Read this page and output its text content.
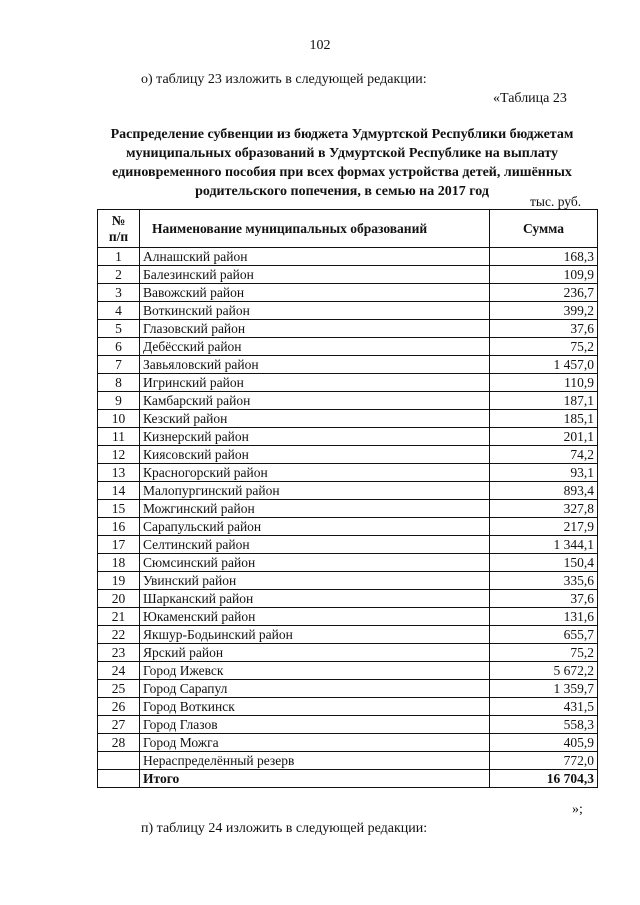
102
о) таблицу 23 изложить в следующей редакции:
«Таблица 23
Распределение субвенции из бюджета Удмуртской Республики бюджетам муниципальных образований в Удмуртской Республике на выплату единовременного пособия при всех формах устройства детей, лишённых родительского попечения, в семью на 2017 год
тыс. руб.
№
п/п	Наименование муниципальных образований	Сумма
1	Алнашский район	168,3
2	Балезинский район	109,9
3	Вавожский район	236,7
4	Воткинский район	399,2
5	Глазовский район	37,6
6	Дебёсский район	75,2
7	Завьяловский район	1 457,0
8	Игринский район	110,9
9	Камбарский район	187,1
10	Кезский район	185,1
11	Кизнерский район	201,1
12	Киясовский район	74,2
13	Красногорский район	93,1
14	Малопургинский район	893,4
15	Можгинский район	327,8
16	Сарапульский район	217,9
17	Селтинский район	1 344,1
18	Сюмсинский район	150,4
19	Увинский район	335,6
20	Шарканский район	37,6
21	Юкаменский район	131,6
22	Якшур-Бодьинский район	655,7
23	Ярский район	75,2
24	Город Ижевск	5 672,2
25	Город Сарапул	1 359,7
26	Город Воткинск	431,5
27	Город Глазов	558,3
28	Город Можга	405,9
	Нераспределённый резерв	772,0
	Итого	16 704,3
»;
п) таблицу 24 изложить в следующей редакции:
